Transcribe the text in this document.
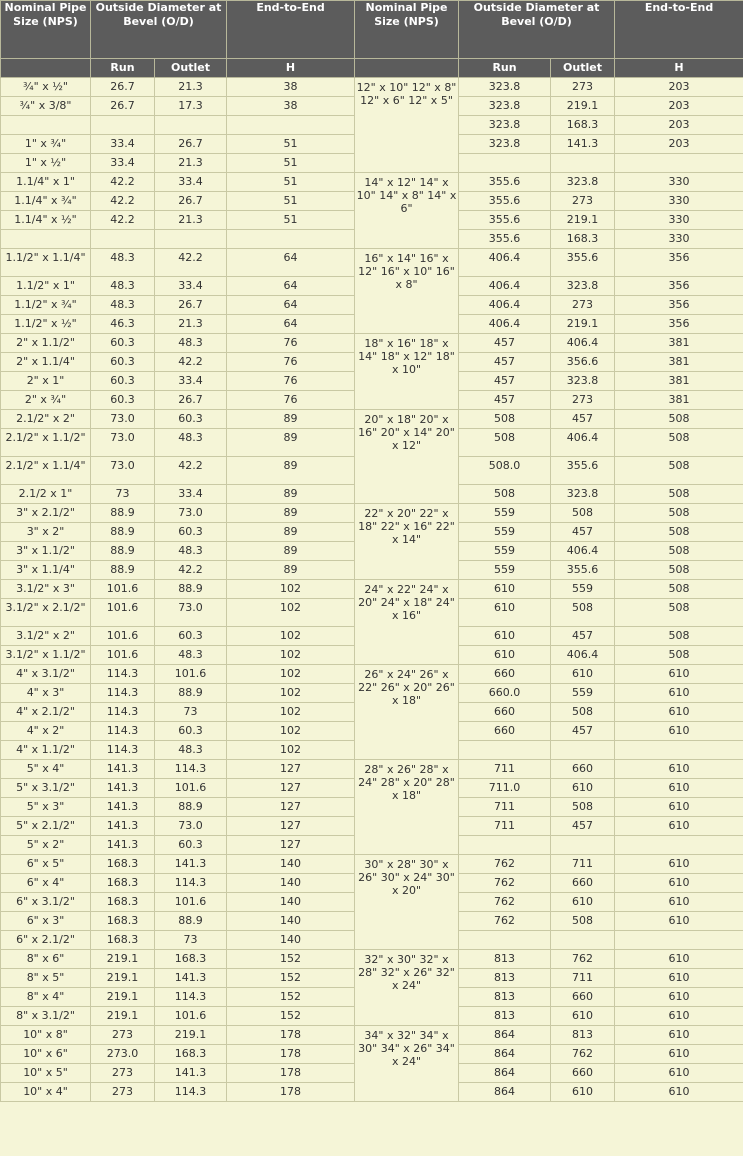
Nominal Pipe Size (NPS)	Outside Diameter at Bevel (O/D)		End-to-End	Nominal Pipe Size (NPS)	Outside Diameter at Bevel (O/D)		End-to-End
	Run	Outlet	H		Run	Outlet	H
¾" x ½"	26.7	21.3	38	12" x 10" 12" x 8" 12" x 6" 12" x 5"	323.8	273	203
¾" x 3/8"	26.7	17.3	38		323.8	219.1	203
					323.8	168.3	203
1" x ¾"	33.4	26.7	51		323.8	141.3	203
1" x ½"	33.4	21.3	51				
1.1/4" x 1"	42.2	33.4	51	14" x 12" 14" x 10" 14" x 8" 14" x 6"	355.6	323.8	330
1.1/4" x ¾"	42.2	26.7	51		355.6	273	330
1.1/4" x ½"	42.2	21.3	51		355.6	219.1	330
					355.6	168.3	330
1.1/2" x 1.1/4"	48.3	42.2	64	16" x 14" 16" x 12" 16" x 10" 16" x 8"	406.4	355.6	356
1.1/2" x 1"	48.3	33.4	64		406.4	323.8	356
1.1/2" x ¾"	48.3	26.7	64		406.4	273	356
1.1/2" x ½"	46.3	21.3	64		406.4	219.1	356
2" x 1.1/2"	60.3	48.3	76	18" x 16" 18" x 14" 18" x 12" 18" x 10"	457	406.4	381
2" x 1.1/4"	60.3	42.2	76		457	356.6	381
2" x 1"	60.3	33.4	76		457	323.8	381
2" x ¾"	60.3	26.7	76		457	273	381
2.1/2" x 2"	73.0	60.3	89	20" x 18" 20" x 16" 20" x 14" 20" x 12"	508	457	508
2.1/2" x 1.1/2"	73.0	48.3	89		508	406.4	508
2.1/2" x 1.1/4"	73.0	42.2	89		508.0	355.6	508
2.1/2 x 1"	73	33.4	89		508	323.8	508
3" x 2.1/2"	88.9	73.0	89	22" x 20" 22" x 18" 22" x 16" 22" x 14"	559	508	508
3" x 2"	88.9	60.3	89		559	457	508
3" x 1.1/2"	88.9	48.3	89		559	406.4	508
3" x 1.1/4"	88.9	42.2	89		559	355.6	508
3.1/2" x 3"	101.6	88.9	102	24" x 22" 24" x 20" 24" x 18" 24" x 16"	610	559	508
3.1/2" x 2.1/2"	101.6	73.0	102		610	508	508
3.1/2" x 2"	101.6	60.3	102		610	457	508
3.1/2" x 1.1/2"	101.6	48.3	102		610	406.4	508
4" x 3.1/2"	114.3	101.6	102	26" x 24" 26" x 22" 26" x 20" 26" x 18"	660	610	610
4" x 3"	114.3	88.9	102		660.0	559	610
4" x 2.1/2"	114.3	73	102		660	508	610
4" x 2"	114.3	60.3	102		660	457	610
4" x 1.1/2"	114.3	48.3	102				
5" x 4"	141.3	114.3	127	28" x 26" 28" x 24" 28" x 20" 28" x 18"	711	660	610
5" x 3.1/2"	141.3	101.6	127		711.0	610	610
5" x 3"	141.3	88.9	127		711	508	610
5" x 2.1/2"	141.3	73.0	127		711	457	610
5" x 2"	141.3	60.3	127				
6" x 5"	168.3	141.3	140	30" x 28" 30" x 26" 30" x 24" 30" x 20"	762	711	610
6" x 4"	168.3	114.3	140		762	660	610
6" x 3.1/2"	168.3	101.6	140		762	610	610
6" x 3"	168.3	88.9	140		762	508	610
6" x 2.1/2"	168.3	73	140				
8" x 6"	219.1	168.3	152	32" x 30" 32" x 28" 32" x 26" 32" x 24"	813	762	610
8" x 5"	219.1	141.3	152		813	711	610
8" x 4"	219.1	114.3	152		813	660	610
8" x 3.1/2"	219.1	101.6	152		813	610	610
10" x 8"	273	219.1	178	34" x 32" 34" x 30" 34" x 26" 34" x 24"	864	813	610
10" x 6"	273.0	168.3	178		864	762	610
10" x 5"	273	141.3	178		864	660	610
10" x 4"	273	114.3	178		864	610	610
